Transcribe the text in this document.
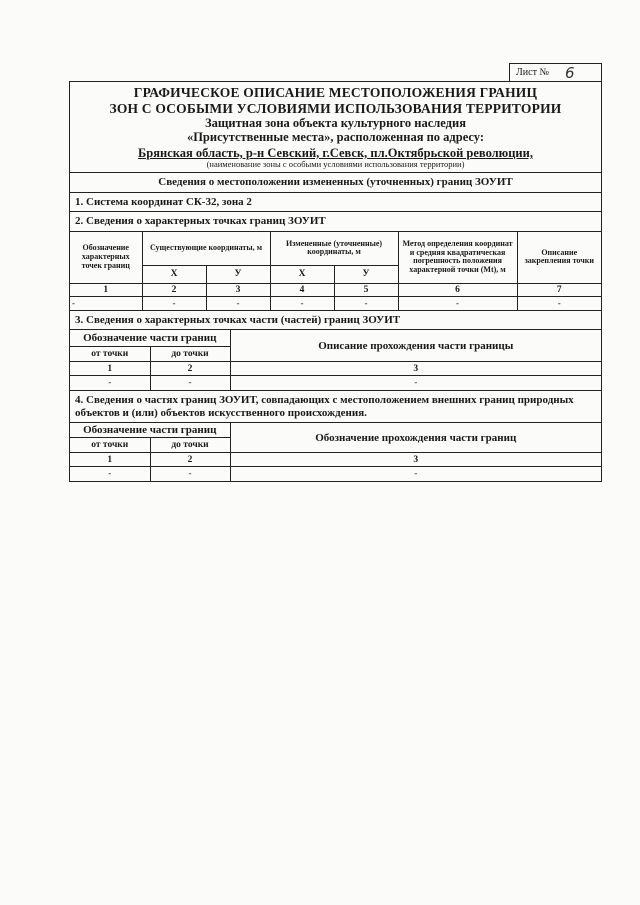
Лист № 6
ГРАФИЧЕСКОЕ ОПИСАНИЕ МЕСТОПОЛОЖЕНИЯ ГРАНИЦ
ЗОН С ОСОБЫМИ УСЛОВИЯМИ ИСПОЛЬЗОВАНИЯ ТЕРРИТОРИИ
Защитная зона объекта культурного наследия
«Присутственные места», расположенная по адресу:
Брянская область, р-н Севский, г.Севск, пл.Октябрьской революции,
(наименование зоны с особыми условиями использования территории)
Сведения о местоположении измененных (уточненных) границ ЗОУИТ
1. Система координат СК-32, зона 2
2. Сведения о характерных точках границ ЗОУИТ
Обозначение характерных точек границ	Существующие координаты, м		Измененные (уточненные) координаты, м		Метод определения координат и средняя квадратическая погрешность положения характерной точки (Mt), м	Описание закрепления точки
	Х	У	Х	У		
1	2	3	4	5	6	7
-	-	-	-	-	-	-
3. Сведения о характерных точках части (частей) границ ЗОУИТ
Обозначение части границ		Описание прохождения части границы
от точки	до точки	
1	2	3
-	-	-
4. Сведения о частях границ ЗОУИТ, совпадающих с местоположением внешних границ природных объектов и (или) объектов искусственного происхождения.
Обозначение части границ		Обозначение прохождения части границ
от точки	до точки	
1	2	3
-	-	-
